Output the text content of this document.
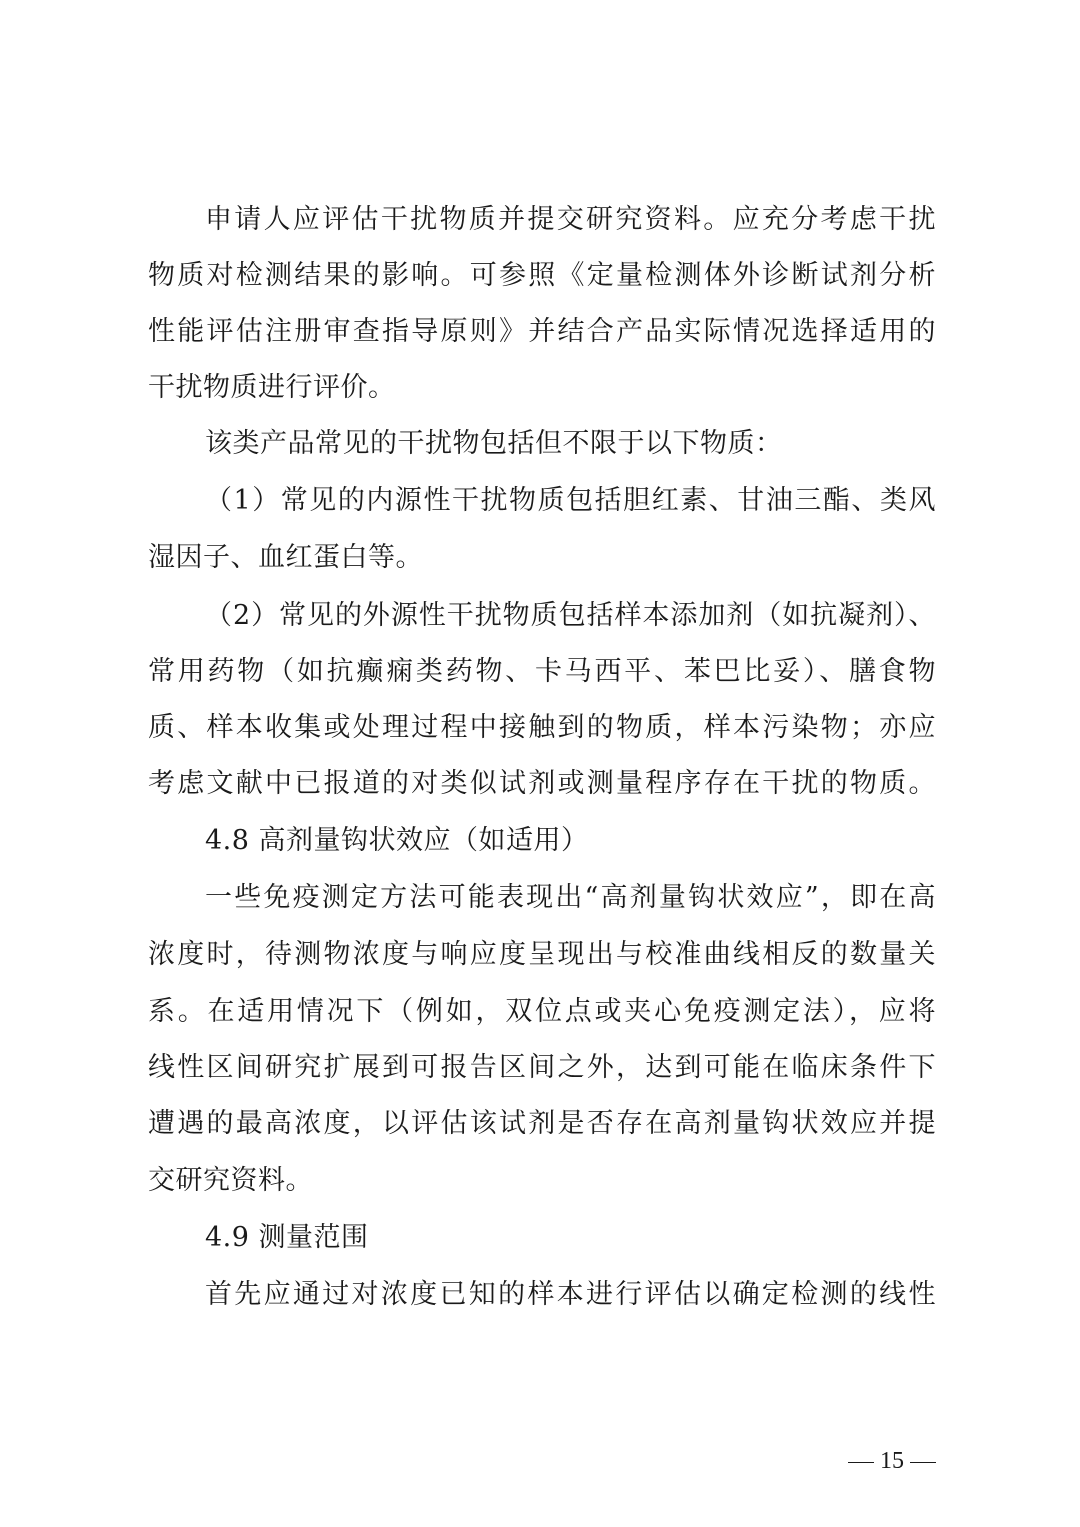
申请人应评估干扰物质并提交研究资料。应充分考虑干扰
物质对检测结果的影响。可参照《定量检测体外诊断试剂分析
性能评估注册审查指导原则》并结合产品实际情况选择适用的
干扰物质进行评价。
该类产品常见的干扰物包括但不限于以下物质：
（1）常见的内源性干扰物质包括胆红素、甘油三酯、类风
湿因子、血红蛋白等。
（2）常见的外源性干扰物质包括样本添加剂（如抗凝剂）、
常用药物（如抗癫痫类药物、卡马西平、苯巴比妥）、膳食物
质、样本收集或处理过程中接触到的物质，样本污染物；亦应
考虑文献中已报道的对类似试剂或测量程序存在干扰的物质。
4.8 高剂量钩状效应（如适用）
一些免疫测定方法可能表现出“高剂量钩状效应”，即在高
浓度时，待测物浓度与响应度呈现出与校准曲线相反的数量关
系。在适用情况下（例如，双位点或夹心免疫测定法），应将
线性区间研究扩展到可报告区间之外，达到可能在临床条件下
遭遇的最高浓度，以评估该试剂是否存在高剂量钩状效应并提
交研究资料。
4.9 测量范围
首先应通过对浓度已知的样本进行评估以确定检测的线性
15
